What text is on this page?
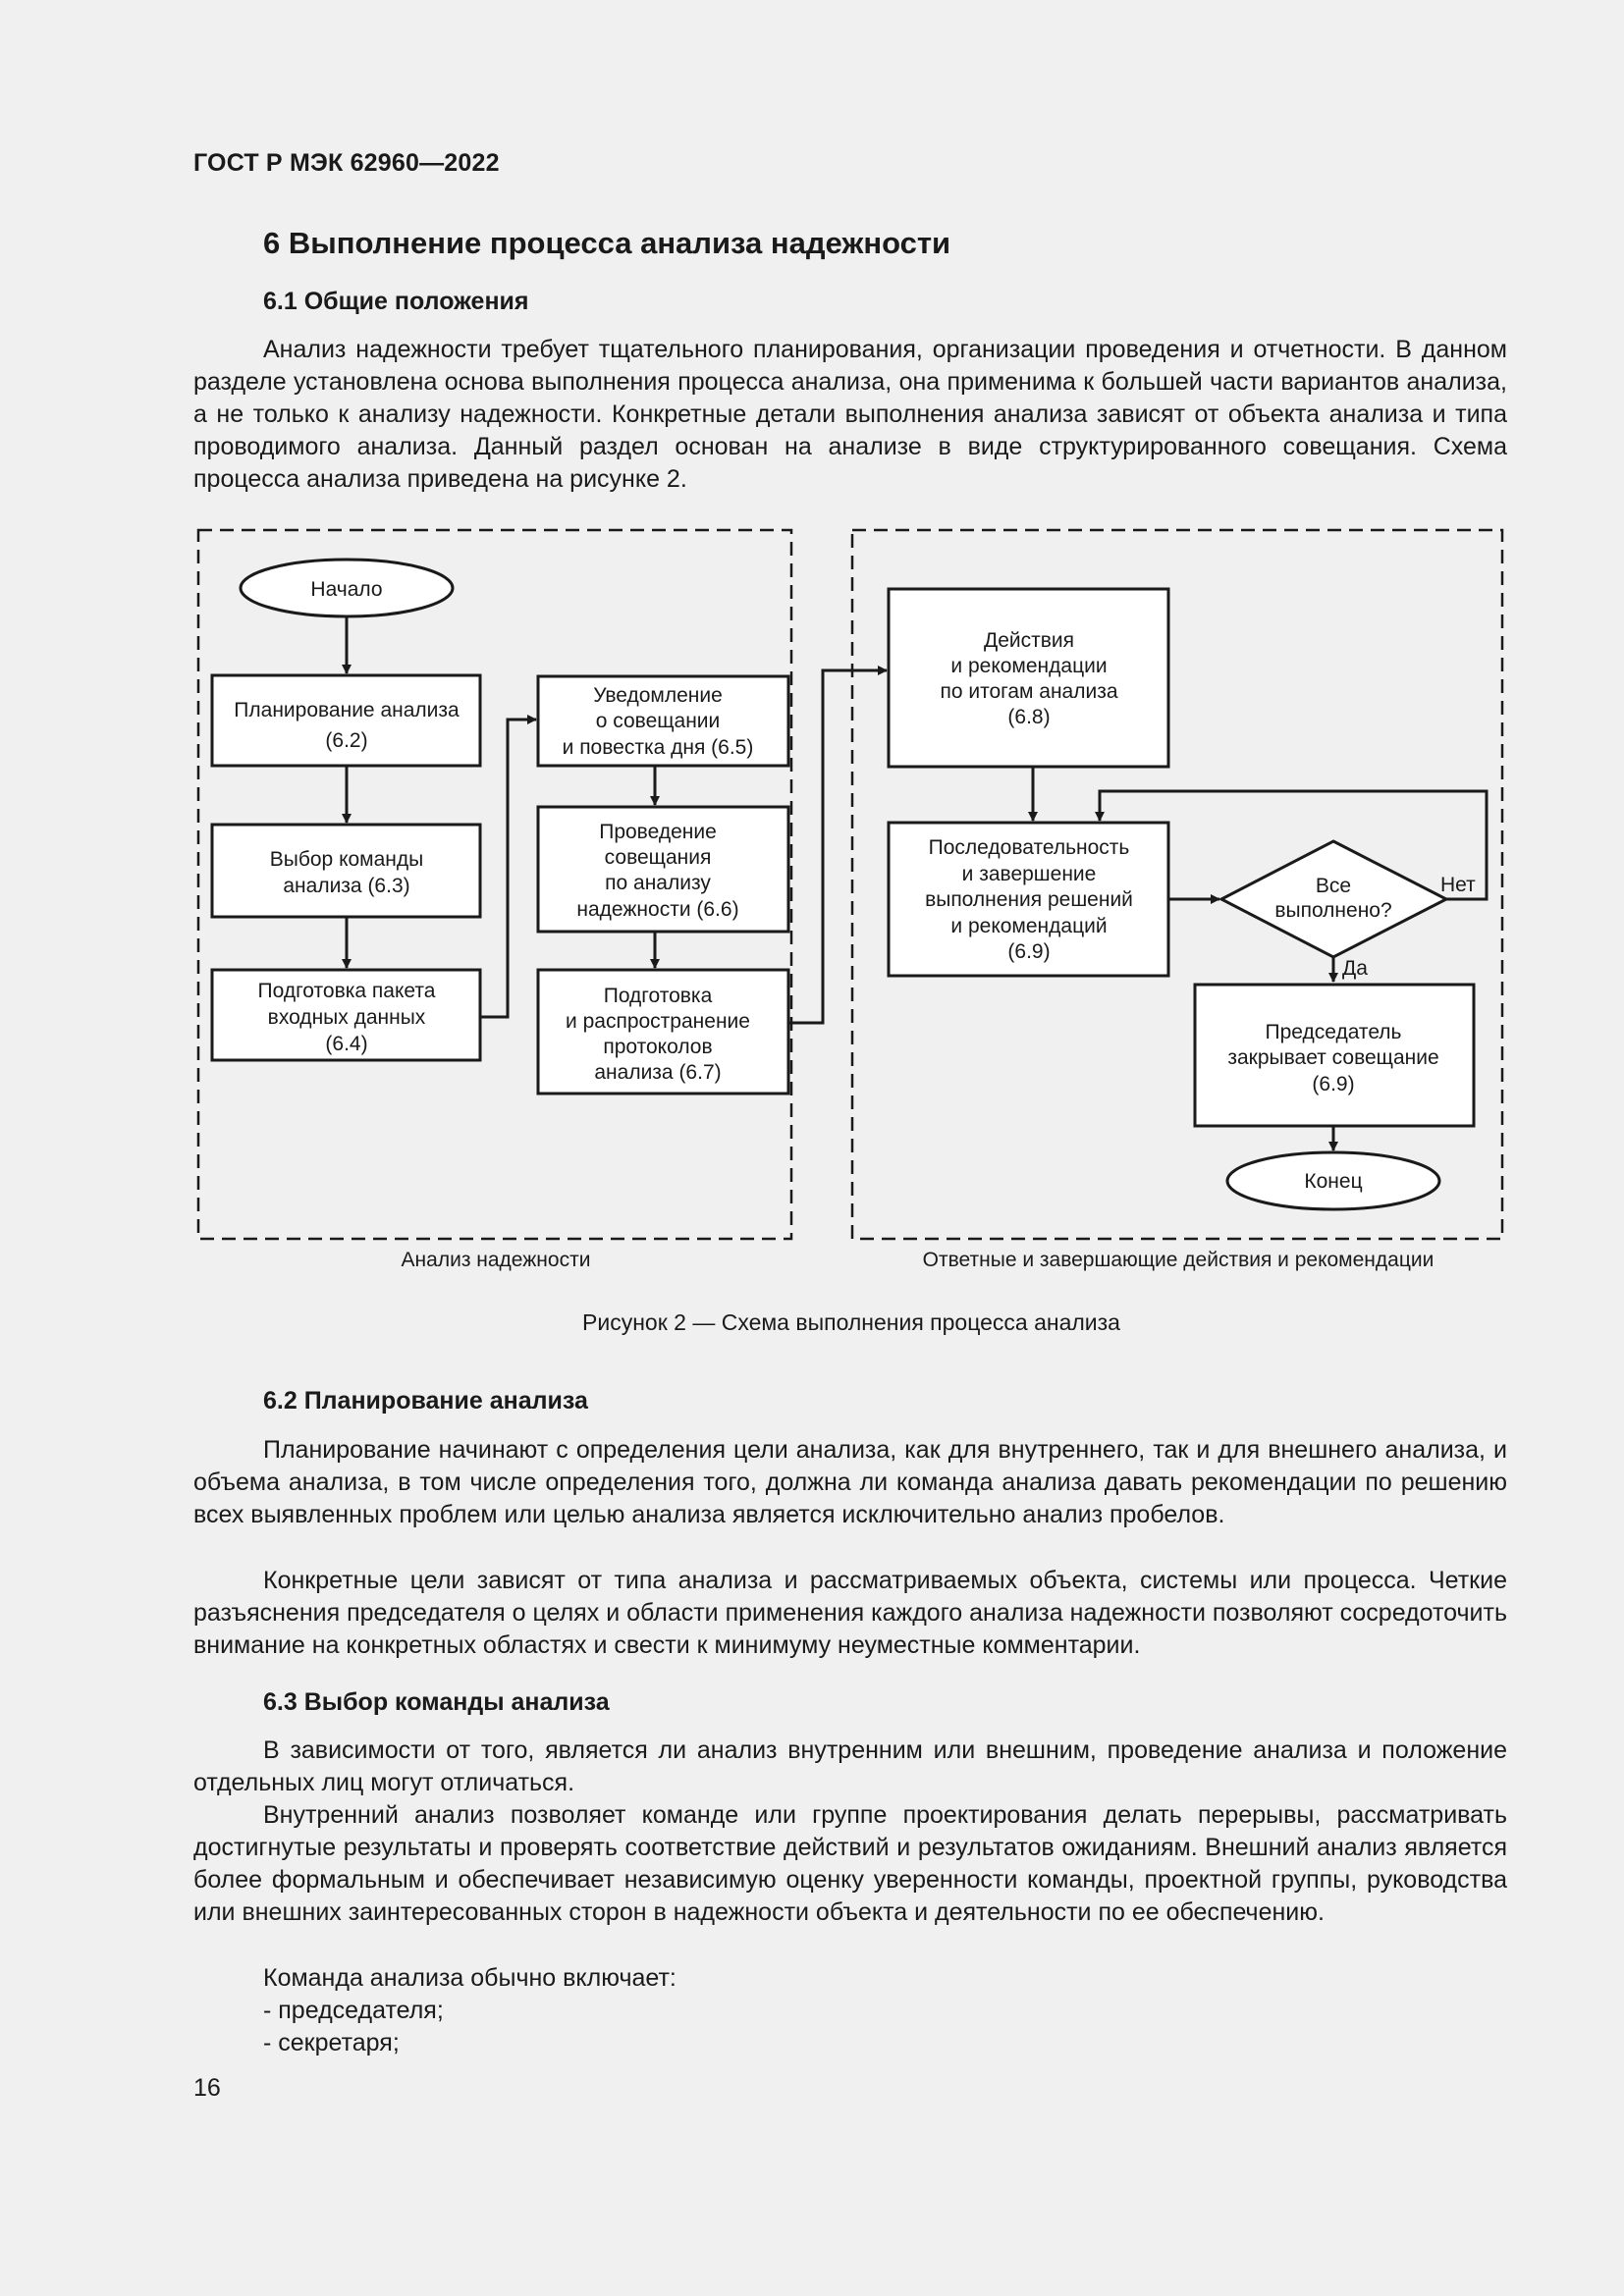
ГОСТ Р МЭК 62960—2022
6 Выполнение процесса анализа надежности
6.1 Общие положения

Анализ надежности требует тщательного планирования, организации проведения и отчетности. В данном разделе установлена основа выполнения процесса анализа, она применима к большей части вариантов анализа, а не только к анализу надежности. Конкретные детали выполнения анализа зависят от объекта анализа и типа проводимого анализа. Данный раздел основан на анализе в виде структурированного совещания. Схема процесса анализа приведена на рисунке 2.

Начало
Планирование анализа
(6.2)
Выбор команды
анализа (6.3)
Подготовка пакета
входных данных
(6.4)
Уведомление
о совещании
и повестка дня (6.5)
Проведение
совещания
по анализу
надежности (6.6)
Подготовка
и распространение
протоколов
анализа (6.7)
Действия
и рекомендации
по итогам анализа
(6.8)
Последовательность
и завершение
выполнения решений
и рекомендаций
(6.9)
Все
выполнено?
Нет
Да
Председатель
закрывает совещание
(6.9)
Конец
Анализ надежности	Ответные и завершающие действия и рекомендации
Рисунок 2 — Схема выполнения процесса анализа
6.2 Планирование анализа

Планирование начинают с определения цели анализа, как для внутреннего, так и для внешнего анализа, и объема анализа, в том числе определения того, должна ли команда анализа давать рекомендации по решению всех выявленных проблем или целью анализа является исключительно анализ пробелов.

Конкретные цели зависят от типа анализа и рассматриваемых объекта, системы или процесса. Четкие разъяснения председателя о целях и области применения каждого анализа надежности позволяют сосредоточить внимание на конкретных областях и свести к минимуму неуместные комментарии.

6.3 Выбор команды анализа

В зависимости от того, является ли анализ внутренним или внешним, проведение анализа и положение отдельных лиц могут отличаться.

Внутренний анализ позволяет команде или группе проектирования делать перерывы, рассматривать достигнутые результаты и проверять соответствие действий и результатов ожиданиям. Внешний анализ является более формальным и обеспечивает независимую оценку уверенности команды, проектной группы, руководства или внешних заинтересованных сторон в надежности объекта и деятельности по ее обеспечению.

Команда анализа обычно включает:
- председателя;
- секретаря;
16
